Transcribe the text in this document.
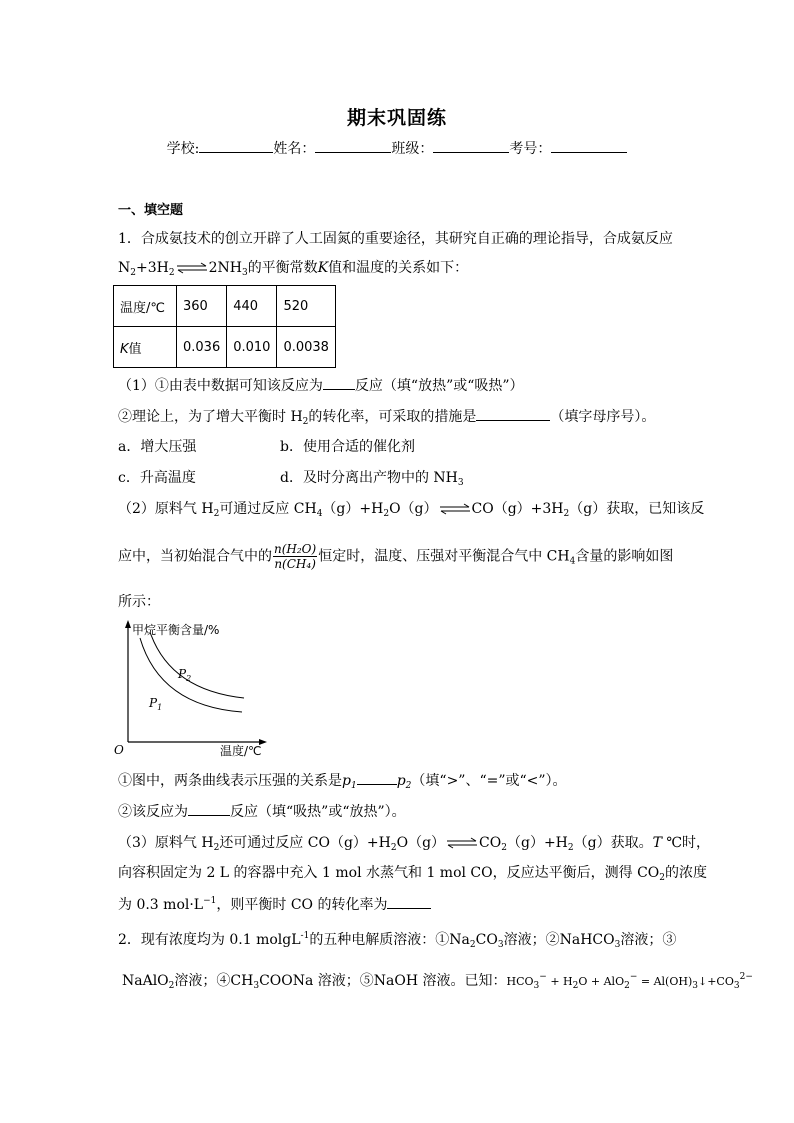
期末巩固练
学校:	姓名：	班级：	考号：
一、填空题
1．合成氨技术的创立开辟了人工固氮的重要途径，其研究自正确的理论指导，合成氨反应
$N_2+3H_2\rightleftharpoons 2NH_3$的平衡常数K值和温度的关系如下：
温度/℃	360	440	520
K值	0.036	0.010	0.0038
（1）①由表中数据可知该反应为 反应（填“放热”或“吸热”）
②理论上，为了增大平衡时 $H_2$的转化率，可采取的措施是	（填字母序号）。
a．增大压强	b．使用合适的催化剂
c．升高温度	d．及时分离出产物中的 $NH_3$
（2）原料气 $H_2$可通过反应 $CH_4(g)+H_2O(g)\rightleftharpoons CO(g)+3H_2(g)$获取，已知该反
应中，当初始混合气中的 $\frac{\text{n(H₂O)}}{\text{n(CH₄)}}$ 恒定时，温度、压强对平衡混合气中 $CH_4$含量的影响如图
所示：
甲烷平衡含量/%
温度/℃
O
$P_2$
$P_1$
①图中，两条曲线表示压强的关系是$p_1$	$p_2$（填“>”、“=”或“<”）。
②该反应为	反应（填“吸热”或“放热”）。
（3）原料气 $H_2$还可通过反应 $CO(g)+H_2O(g)\rightleftharpoons CO_2(g)+H_2(g)$获取。T ℃时，
向容积固定为 2 L 的容器中充入 1 mol 水蒸气和 1 mol CO，反应达平衡后，测得 $CO_2$的浓度
为 0.3 $mol\cdot L^{-1}$，则平衡时 CO 的转化率为
2．现有浓度均为 0.1 molgL$^{-1}$的五种电解质溶液：$①Na_2CO_3$溶液；②NaHCO$_3$溶液；③
NaAlO$_2$溶液；$④CH_3COONa$ 溶液；⑤NaOH 溶液。已知：$HCO_3^- + H_2O + AlO_2^-$ = $Al(OH)_3↓+CO_3^{2-}$
